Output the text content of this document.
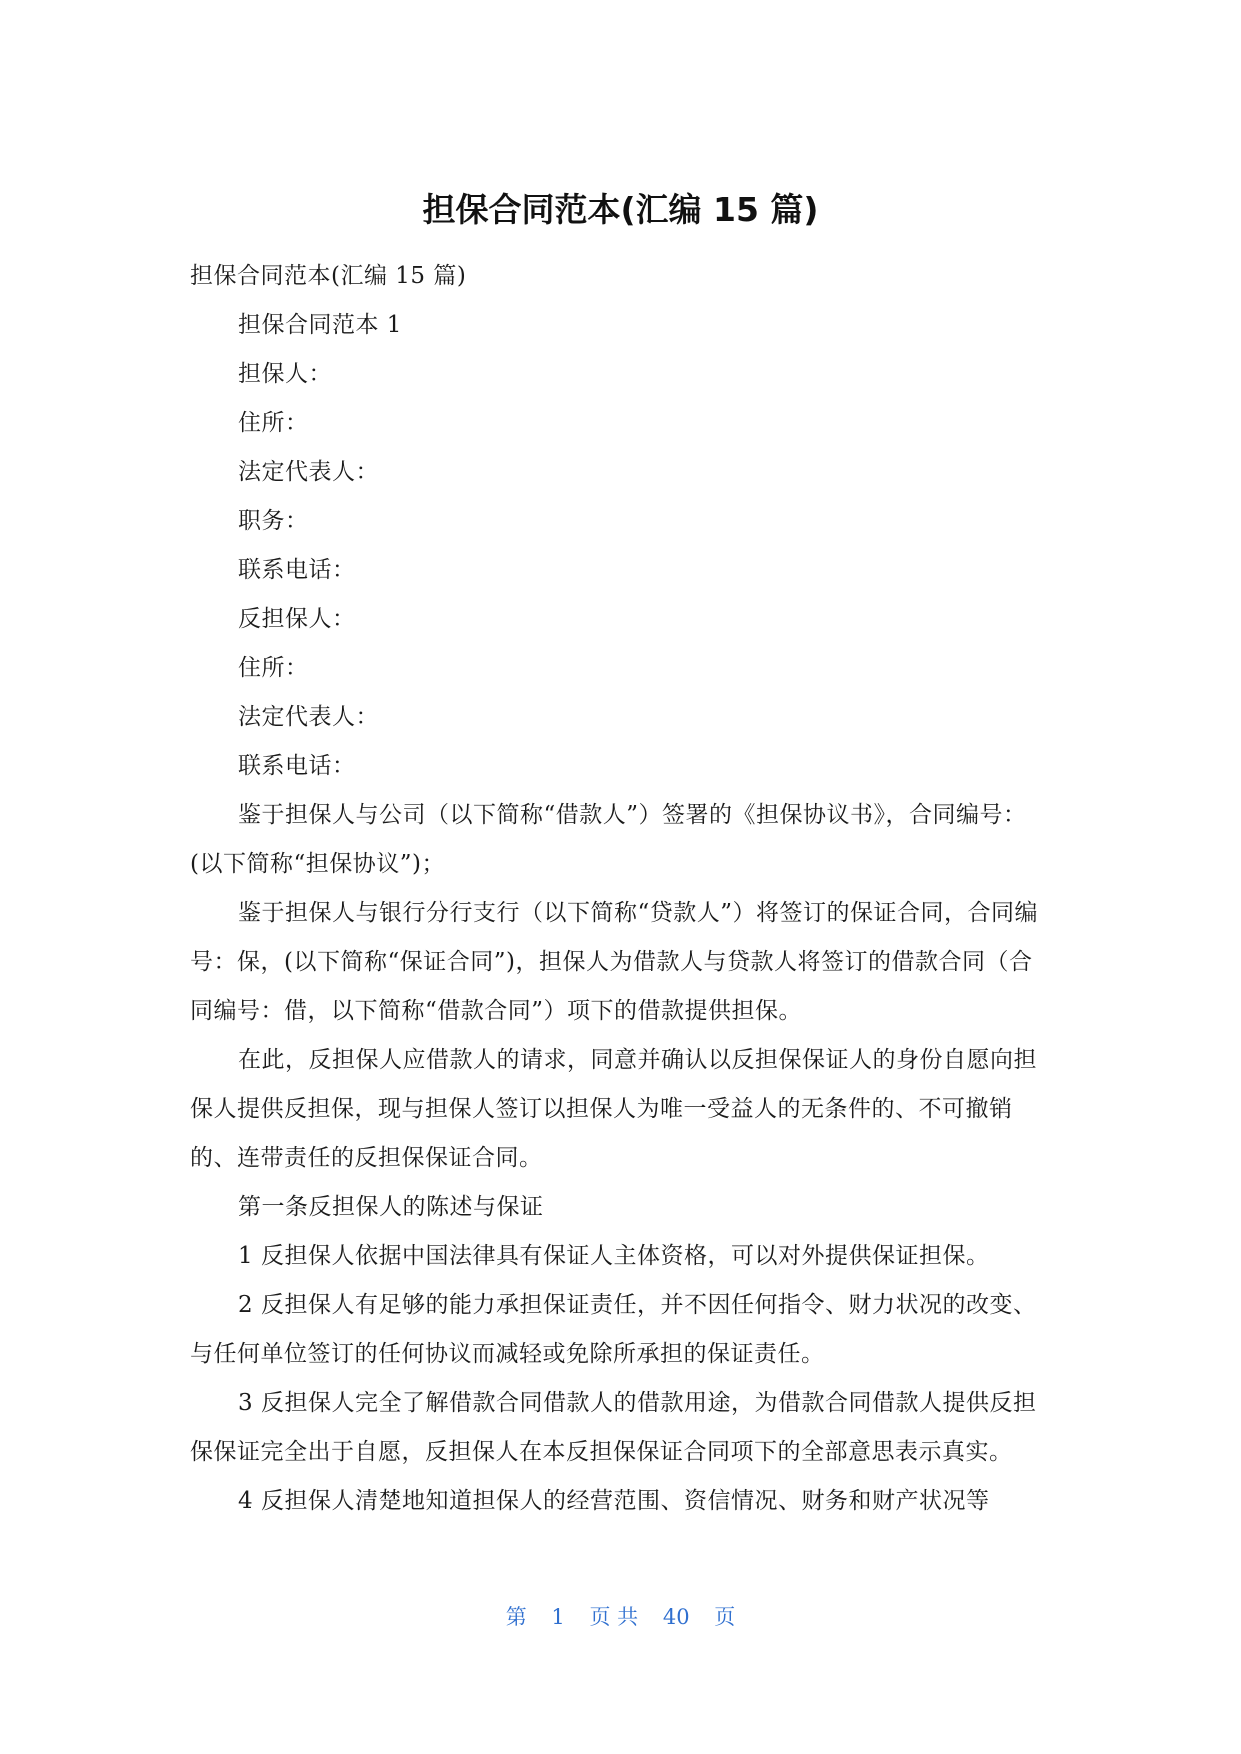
担保合同范本(汇编 15 篇)

担保合同范本(汇编 15 篇)

担保合同范本 1

担保人：

住所：

法定代表人：

职务：

联系电话：

反担保人：

住所：

法定代表人：

联系电话：

鉴于担保人与公司（以下简称“借款人”）签署的《担保协议书》，合同编号：(以下简称“担保协议”)；

鉴于担保人与银行分行支行（以下简称“贷款人”）将签订的保证合同，合同编号：保，(以下简称“保证合同”)，担保人为借款人与贷款人将签订的借款合同（合同编号：借，以下简称“借款合同”）项下的借款提供担保。

在此，反担保人应借款人的请求，同意并确认以反担保保证人的身份自愿向担保人提供反担保，现与担保人签订以担保人为唯一受益人的无条件的、不可撤销的、连带责任的反担保保证合同。

第一条反担保人的陈述与保证

1 反担保人依据中国法律具有保证人主体资格，可以对外提供保证担保。

2 反担保人有足够的能力承担保证责任，并不因任何指令、财力状况的改变、与任何单位签订的任何协议而减轻或免除所承担的保证责任。

3 反担保人完全了解借款合同借款人的借款用途，为借款合同借款人提供反担保保证完全出于自愿，反担保人在本反担保保证合同项下的全部意思表示真实。

4 反担保人清楚地知道担保人的经营范围、资信情况、财务和财产状况等

第 1 页 共 40 页
